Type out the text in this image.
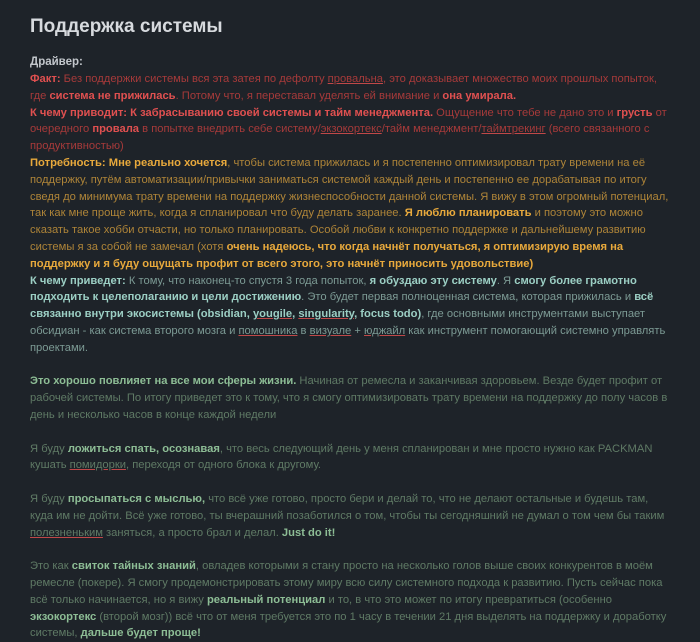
Поддержка системы
Драйвер:

Факт: Без поддержки системы вся эта затея по дефолту провальна, это доказывает множество моих прошлых попыток, где система не прижилась. Потому что, я переставал уделять ей внимание и она умирала.

К чему приводит: К забрасыванию своей системы и тайм менеджмента. Ощущение что тебе не дано это и грусть от очередного провала в попытке внедрить себе систему/экзокортекс/тайм менеджмент/таймтрекинг (всего связанного с продуктивностью)

Потребность: Мне реально хочется, чтобы система прижилась и я постепенно оптимизировал трату времени на её поддержку, путём автоматизации/привычки заниматься системой каждый день и постепенно ее дорабатывая по итогу сведя до минимума трату времени на поддержку жизнеспособности данной системы. Я вижу в этом огромный потенциал, так как мне проще жить, когда я спланировал что буду делать заранее. Я люблю планировать и поэтому это можно сказать такое хобби отчасти, но только планировать. Особой любви к конкретно поддержке и дальнейшему развитию системы я за собой не замечал (хотя очень надеюсь, что когда начнёт получаться, я оптимизирую время на поддержку и я буду ощущать профит от всего этого, это начнёт приносить удовольствие)

К чему приведет: К тому, что наконец-то спустя 3 года попыток, я обуздаю эту систему. Я смогу более грамотно подходить к целеполаганию и цели достижению. Это будет первая полноценная система, которая прижилась и всё связанно внутри экосистемы (obsidian, yougile, singularity, focus todo), где основными инструментами выступает обсидиан - как система второго мозга и помошника в визуале + юджайл как инструмент помогающий системно управлять проектами.

Это хорошо повлияет на все мои сферы жизни. Начиная от ремесла и заканчивая здоровьем. Везде будет профит от рабочей системы. По итогу приведет это к тому, что я смогу оптимизировать трату времени на поддержку до полу часов в день и несколько часов в конце каждой недели

Я буду ложиться спать, осознавая, что весь следующий день у меня спланирован и мне просто нужно как PACKMAN кушать помидорки, переходя от одного блока к другому.

Я буду просыпаться с мыслью, что всё уже готово, просто бери и делай то, что не делают остальные и будешь там, куда им не дойти. Всё уже готово, ты вчерашний позаботился о том, чтобы ты сегодняшний не думал о том чем бы таким полезненьким заняться, а просто брал и делал. Just do it!

Это как свиток тайных знаний, овладев которыми я стану просто на несколько голов выше своих конкурентов в моём ремесле (покере). Я смогу продемонстрировать этому миру всю силу системного подхода к развитию. Пусть сейчас пока всё только начинается, но я вижу реальный потенциал и то, в что это может по итогу превратиться (особенно экзокортекс (второй мозг)) всё что от меня требуется это по 1 часу в течении 21 дня выделять на поддержку и доработку системы, дальше будет проще!
